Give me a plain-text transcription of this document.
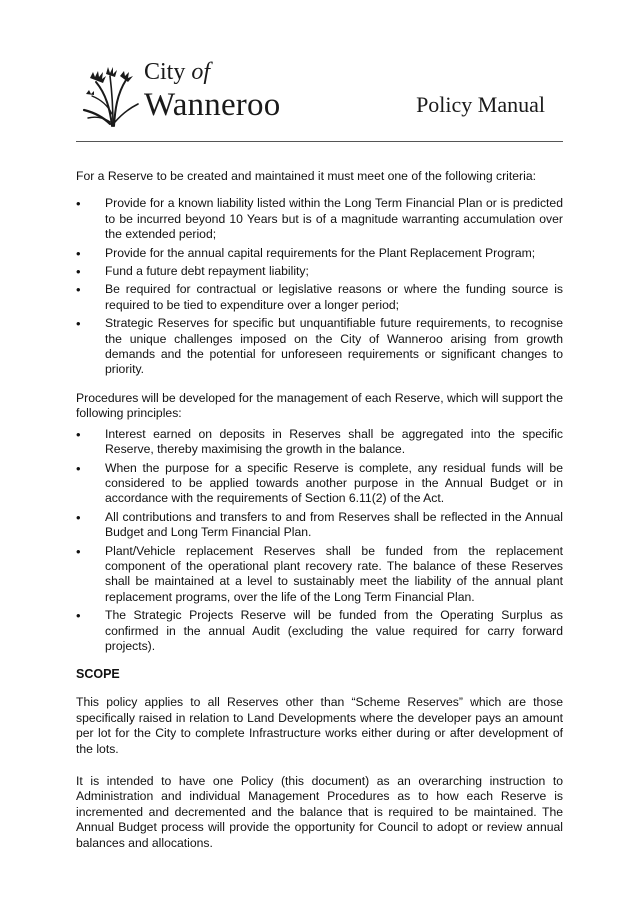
City of
Wanneroo	Policy Manual

For a Reserve to be created and maintained it must meet one of the following criteria:

•	Provide for a known liability listed within the Long Term Financial Plan or is predicted to be incurred beyond 10 Years but is of a magnitude warranting accumulation over the extended period;
•	Provide for the annual capital requirements for the Plant Replacement Program;
•	Fund a future debt repayment liability;
•	Be required for contractual or legislative reasons or where the funding source is required to be tied to expenditure over a longer period;
•	Strategic Reserves for specific but unquantifiable future requirements, to recognise the unique challenges imposed on the City of Wanneroo arising from growth demands and the potential for unforeseen requirements or significant changes to priority.

Procedures will be developed for the management of each Reserve, which will support the following principles:

•	Interest earned on deposits in Reserves shall be aggregated into the specific Reserve, thereby maximising the growth in the balance.
•	When the purpose for a specific Reserve is complete, any residual funds will be considered to be applied towards another purpose in the Annual Budget or in accordance with the requirements of Section 6.11(2) of the Act.
•	All contributions and transfers to and from Reserves shall be reflected in the Annual Budget and Long Term Financial Plan.
•	Plant/Vehicle replacement Reserves shall be funded from the replacement component of the operational plant recovery rate. The balance of these Reserves shall be maintained at a level to sustainably meet the liability of the annual plant replacement programs, over the life of the Long Term Financial Plan.
•	The Strategic Projects Reserve will be funded from the Operating Surplus as confirmed in the annual Audit (excluding the value required for carry forward projects).
SCOPE

This policy applies to all Reserves other than “Scheme Reserves” which are those specifically raised in relation to Land Developments where the developer pays an amount per lot for the City to complete Infrastructure works either during or after development of the lots.

It is intended to have one Policy (this document) as an overarching instruction to Administration and individual Management Procedures as to how each Reserve is incremented and decremented and the balance that is required to be maintained. The Annual Budget process will provide the opportunity for Council to adopt or review annual balances and allocations.
